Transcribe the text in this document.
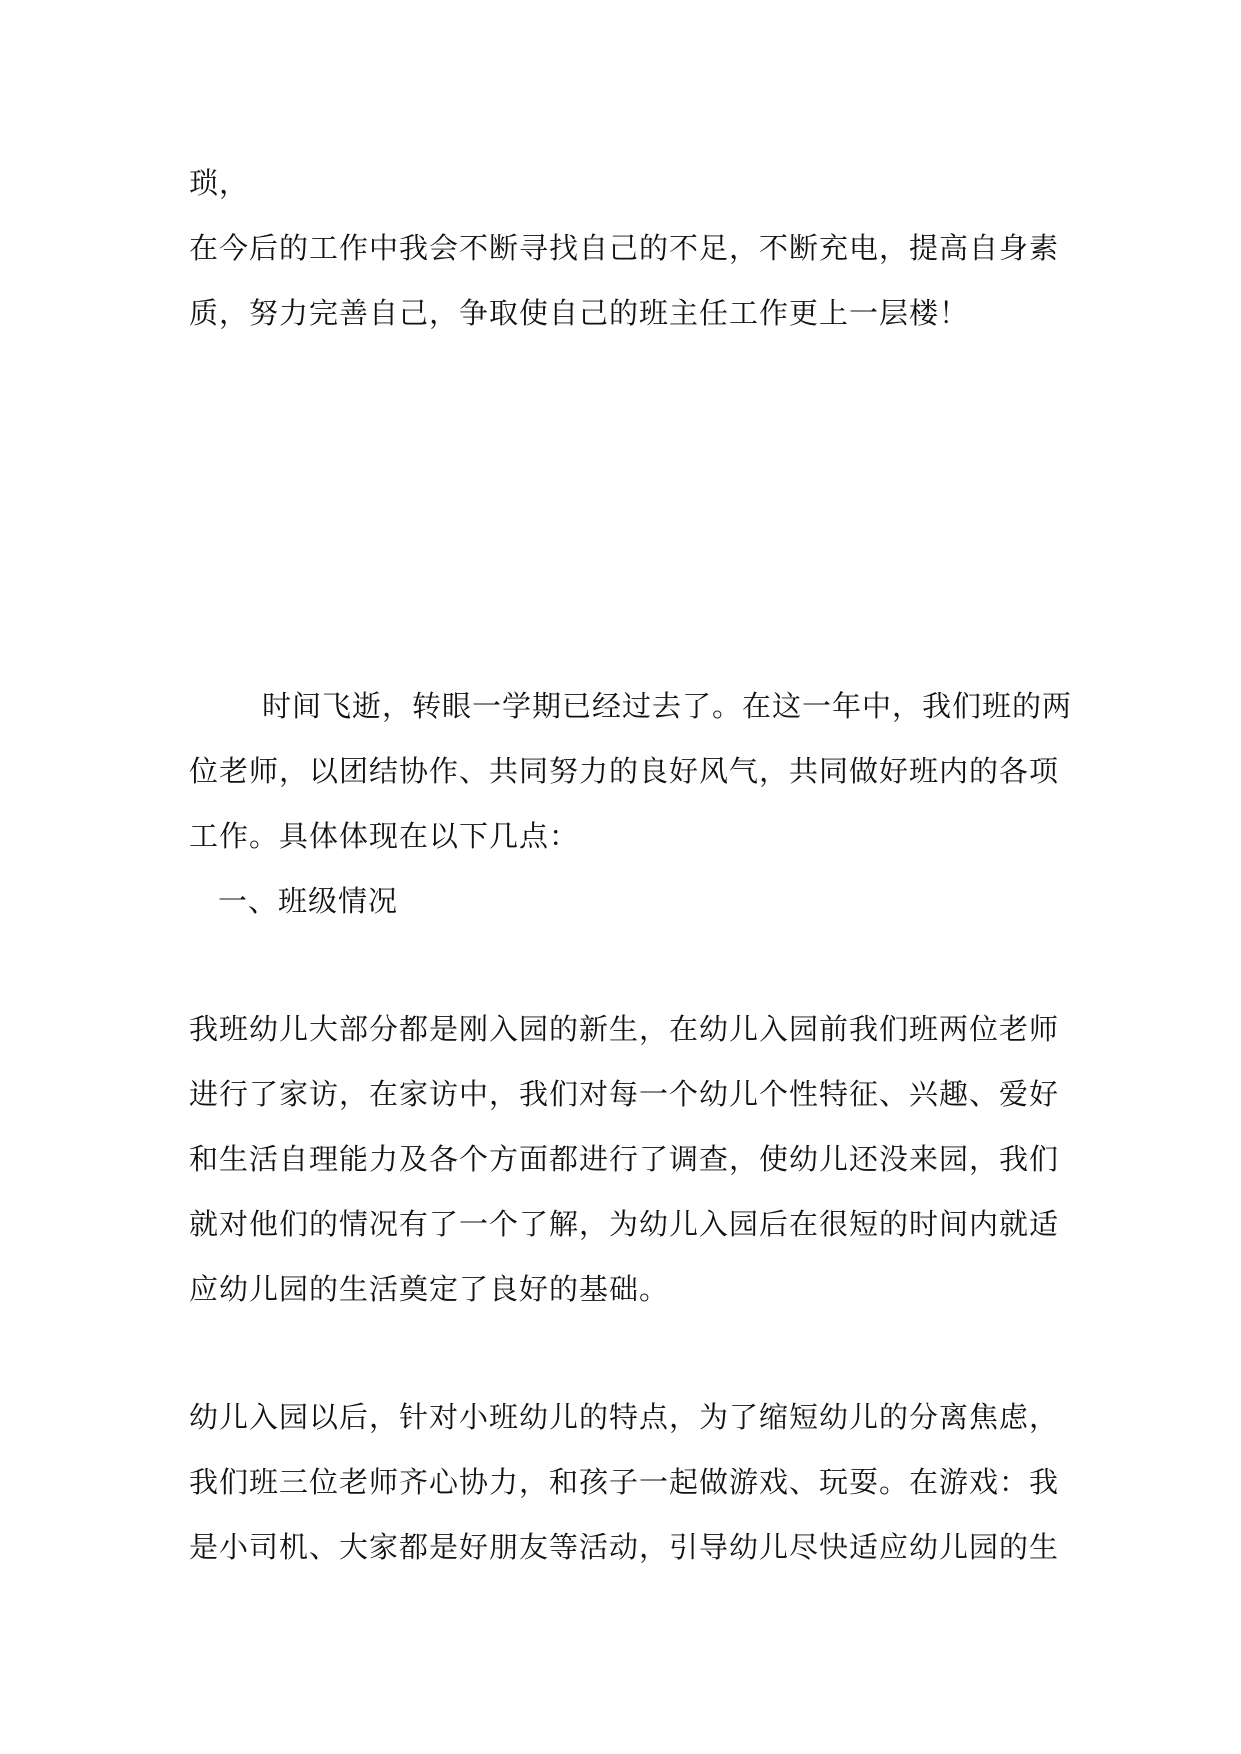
琐，
在今后的工作中我会不断寻找自己的不足，不断充电，提高自身素
质，努力完善自己，争取使自己的班主任工作更上一层楼！
时间飞逝，转眼一学期已经过去了。在这一年中，我们班的两
位老师，以团结协作、共同努力的良好风气，共同做好班内的各项
工作。具体体现在以下几点：
一、班级情况
我班幼儿大部分都是刚入园的新生，在幼儿入园前我们班两位老师
进行了家访，在家访中，我们对每一个幼儿个性特征、兴趣、爱好
和生活自理能力及各个方面都进行了调查，使幼儿还没来园，我们
就对他们的情况有了一个了解，为幼儿入园后在很短的时间内就适
应幼儿园的生活奠定了良好的基础。
幼儿入园以后，针对小班幼儿的特点，为了缩短幼儿的分离焦虑，
我们班三位老师齐心协力，和孩子一起做游戏、玩耍。在游戏：我
是小司机、大家都是好朋友等活动，引导幼儿尽快适应幼儿园的生
